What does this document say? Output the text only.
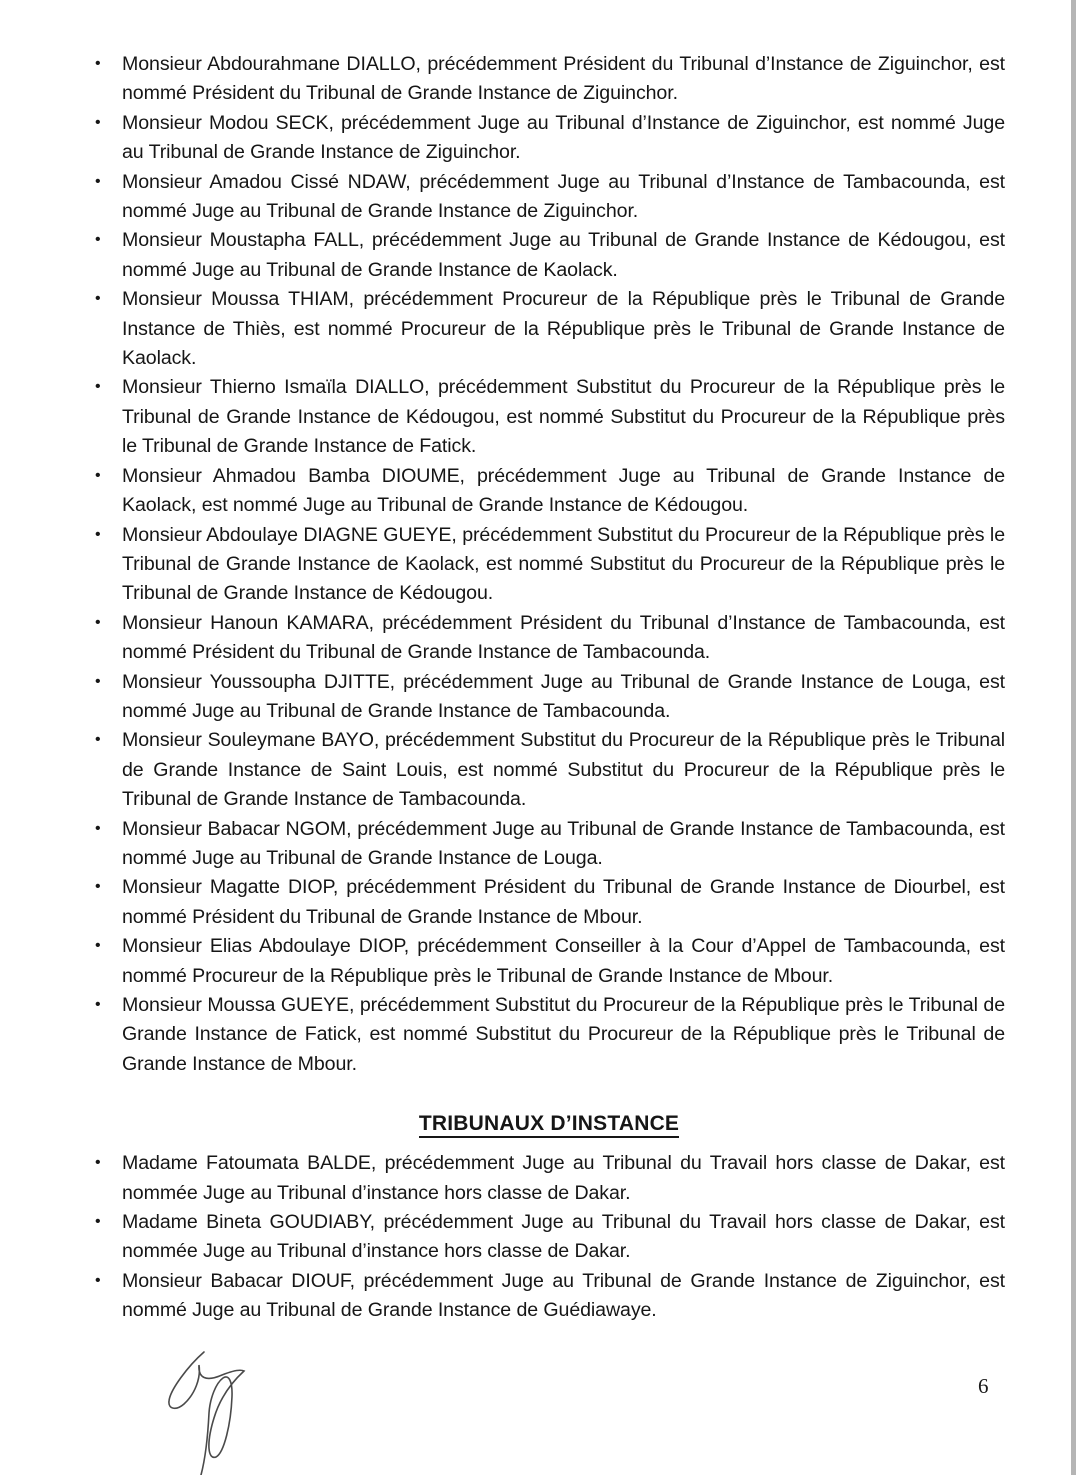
• Monsieur Abdourahmane DIALLO, précédemment Président du Tribunal d’Instance de Ziguinchor, est nommé Président du Tribunal de Grande Instance de Ziguinchor.
• Monsieur Modou SECK, précédemment Juge au Tribunal d’Instance de Ziguinchor, est nommé Juge au Tribunal de Grande Instance de Ziguinchor.
• Monsieur Amadou Cissé NDAW, précédemment Juge au Tribunal d’Instance de Tambacounda, est nommé Juge au Tribunal de Grande Instance de Ziguinchor.
• Monsieur Moustapha FALL, précédemment Juge au Tribunal de Grande Instance de Kédougou, est nommé Juge au Tribunal de Grande Instance de Kaolack.
• Monsieur Moussa THIAM, précédemment Procureur de la République près le Tribunal de Grande Instance de Thiès, est nommé Procureur de la République près le Tribunal de Grande Instance de Kaolack.
• Monsieur Thierno Ismaïla DIALLO, précédemment Substitut du Procureur de la République près le Tribunal de Grande Instance de Kédougou, est nommé Substitut du Procureur de la République près le Tribunal de Grande Instance de Fatick.
• Monsieur Ahmadou Bamba DIOUME, précédemment Juge au Tribunal de Grande Instance de Kaolack, est nommé Juge au Tribunal de Grande Instance de Kédougou.
• Monsieur Abdoulaye DIAGNE GUEYE, précédemment Substitut du Procureur de la République près le Tribunal de Grande Instance de Kaolack, est nommé Substitut du Procureur de la République près le Tribunal de Grande Instance de Kédougou.
• Monsieur Hanoun KAMARA, précédemment Président du Tribunal d’Instance de Tambacounda, est nommé Président du Tribunal de Grande Instance de Tambacounda.
• Monsieur Youssoupha DJITTE, précédemment Juge au Tribunal de Grande Instance de Louga, est nommé Juge au Tribunal de Grande Instance de Tambacounda.
• Monsieur Souleymane BAYO, précédemment Substitut du Procureur de la République près le Tribunal de Grande Instance de Saint Louis, est nommé Substitut du Procureur de la République près le Tribunal de Grande Instance de Tambacounda.
• Monsieur Babacar NGOM, précédemment Juge au Tribunal de Grande Instance de Tambacounda, est nommé Juge au Tribunal de Grande Instance de Louga.
• Monsieur Magatte DIOP, précédemment Président du Tribunal de Grande Instance de Diourbel, est nommé Président du Tribunal de Grande Instance de Mbour.
• Monsieur Elias Abdoulaye DIOP, précédemment Conseiller à la Cour d’Appel de Tambacounda, est nommé Procureur de la République près le Tribunal de Grande Instance de Mbour.
• Monsieur Moussa GUEYE, précédemment Substitut du Procureur de la République près le Tribunal de Grande Instance de Fatick, est nommé Substitut du Procureur de la République près le Tribunal de Grande Instance de Mbour.
TRIBUNAUX D’INSTANCE
• Madame Fatoumata BALDE, précédemment Juge au Tribunal du Travail hors classe de Dakar, est nommée Juge au Tribunal d’instance hors classe de Dakar.
• Madame Bineta GOUDIABY, précédemment Juge au Tribunal du Travail hors classe de Dakar, est nommée Juge au Tribunal d’instance hors classe de Dakar.
• Monsieur Babacar DIOUF, précédemment Juge au Tribunal de Grande Instance de Ziguinchor, est nommé Juge au Tribunal de Grande Instance de Guédiawaye.
6
